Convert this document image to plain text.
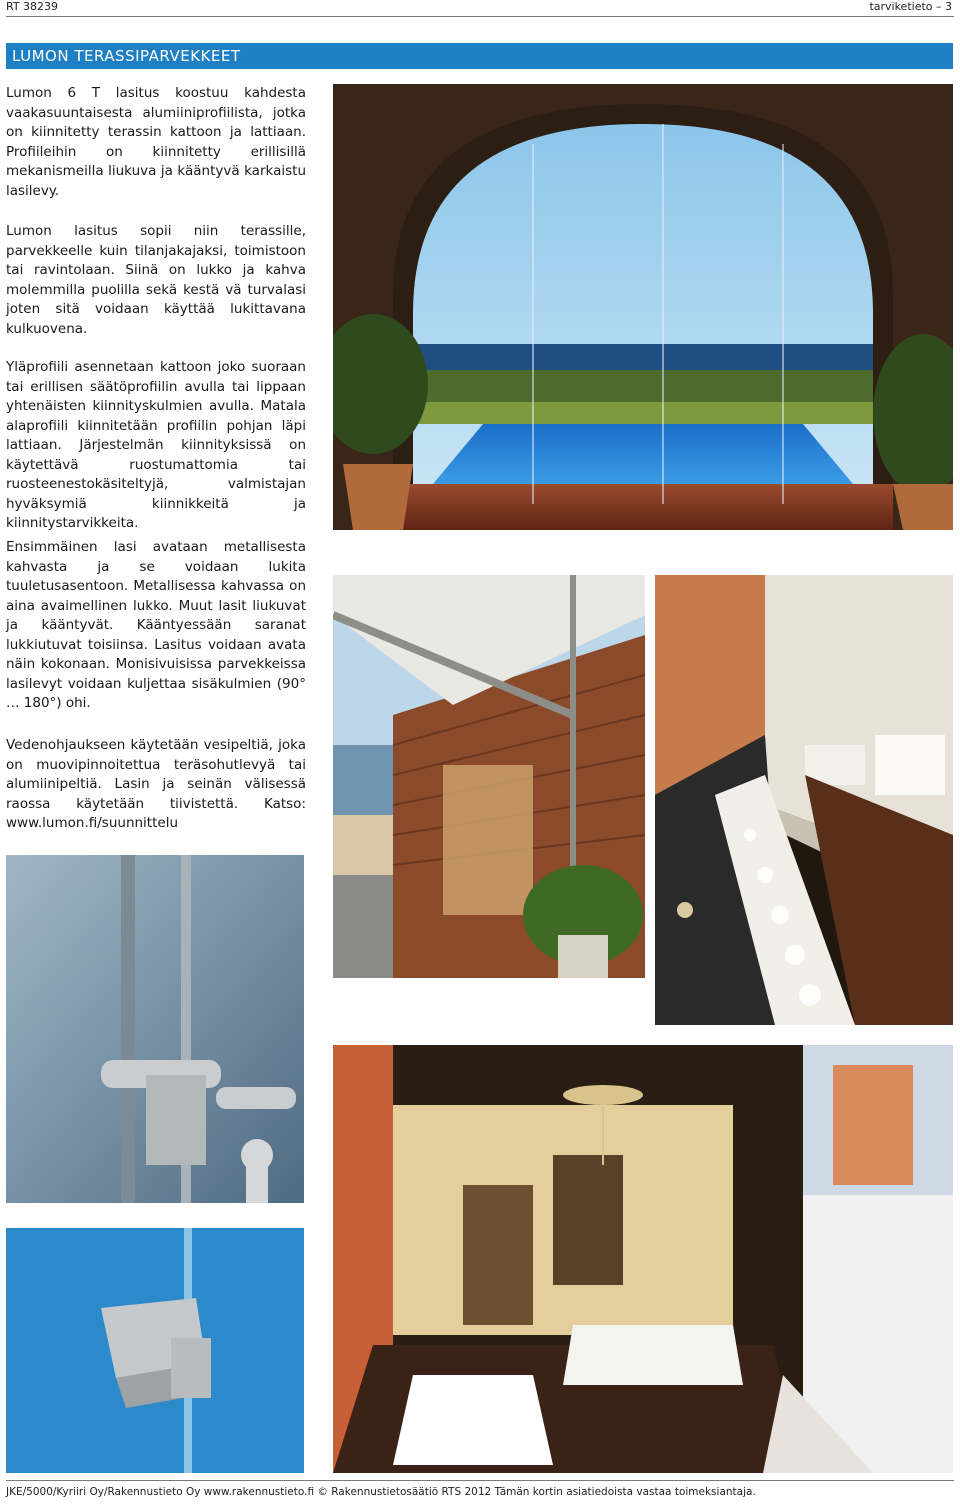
RT 38239	tarviketieto – 3
LUMON TERASSIPARVEKKEET

Lumon 6 T lasitus koostuu kahdesta vaakasuuntaisesta alumiiniprofiilista, jotka on kiinnitetty terassin kattoon ja lattiaan. Profiileihin on kiinnitetty erillisillä mekanismeilla liukuva ja kääntyvä karkaistu lasilevy.

Lumon lasitus sopii niin terassille, parvekkeelle kuin tilanjakajaksi, toimistoon tai ravintolaan. Siinä on lukko ja kahva molemmilla puolilla sekä kestä vä turvalasi joten sitä voidaan käyttää lukittavana kulkuovena.

Yläprofiili asennetaan kattoon joko suoraan tai erillisen säätöprofiilin avulla tai lippaan yhtenäisten kiinnityskulmien avulla. Matala alaprofiili kiinnitetään profiilin pohjan läpi lattiaan. Järjestelmän kiinnityksissä on käytettävä ruostumattomia tai ruosteenestokäsiteltyjä, valmistajan hyväksymiä kiinnikkeitä ja kiinnitystarvikkeita.

Ensimmäinen lasi avataan metallisesta kahvasta ja se voidaan lukita tuuletusasentoon. Metallisessa kahvassa on aina avaimellinen lukko. Muut lasit liukuvat ja kääntyvät. Kääntyessään saranat lukkiutuvat toisiinsa. Lasitus voidaan avata näin kokonaan. Monisivuisissa parvekkeissa lasilevyt voidaan kuljettaa sisäkulmien (90° … 180°) ohi.

Vedenohjaukseen käytetään vesipeltiä, joka on muovipinnoitettua teräsohutlevyä tai alumiinipeltiä. Lasin ja seinän välisessä raossa käytetään tiivistettä. Katso: www.lumon.fi/suunnittelu

JKE/5000/Kyriiri Oy/Rakennustieto Oy www.rakennustieto.fi © Rakennustietosäätiö RTS 2012 Tämän kortin asiatiedoista vastaa toimeksiantaja.
